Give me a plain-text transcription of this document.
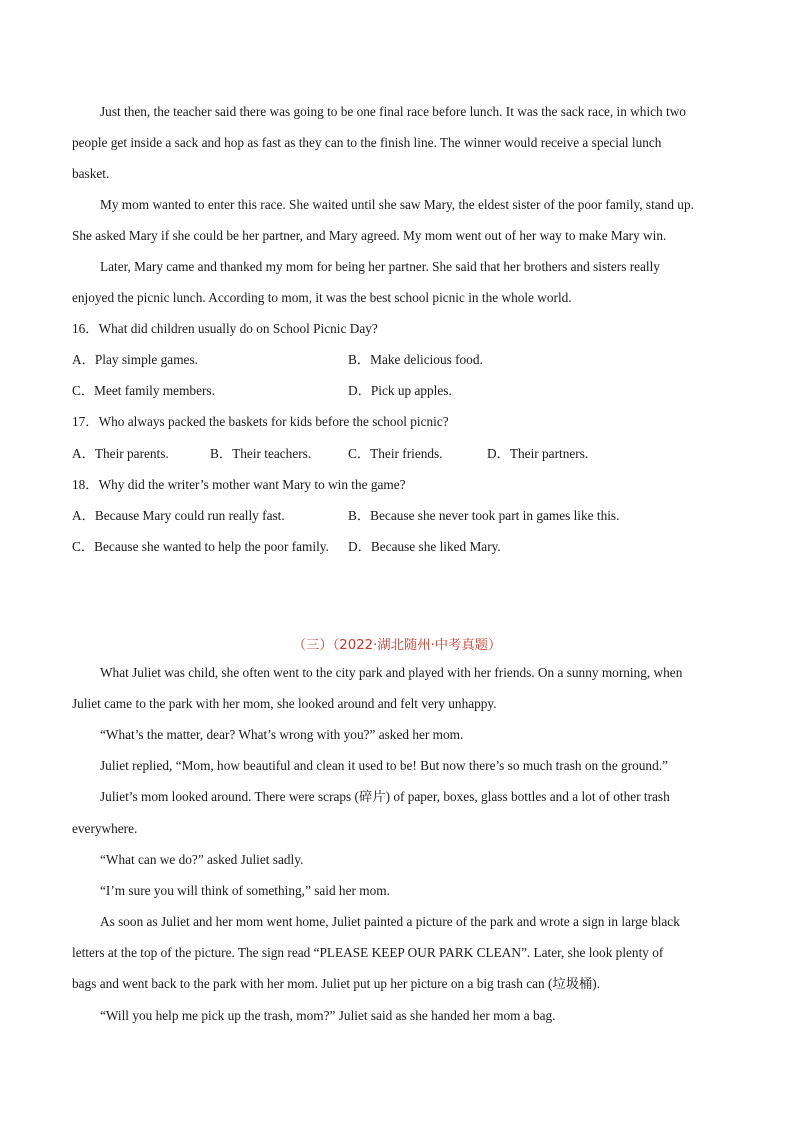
Just then, the teacher said there was going to be one final race before lunch. It was the sack race, in which two
people get inside a sack and hop as fast as they can to the finish line. The winner would receive a special lunch
basket.
My mom wanted to enter this race. She waited until she saw Mary, the eldest sister of the poor family, stand up.
She asked Mary if she could be her partner, and Mary agreed. My mom went out of her way to make Mary win.
Later, Mary came and thanked my mom for being her partner. She said that her brothers and sisters really
enjoyed the picnic lunch. According to mom, it was the best school picnic in the whole world.
16．What did children usually do on School Picnic Day?
A．Play simple games.	B．Make delicious food.
C．Meet family members.	D．Pick up apples.
17．Who always packed the baskets for kids before the school picnic?
A．Their parents.	B．Their teachers.	C．Their friends.	D．Their partners.
18．Why did the writer’s mother want Mary to win the game?
A．Because Mary could run really fast.	B．Because she never took part in games like this.
C．Because she wanted to help the poor family. D．Because she liked Mary.
（三）（2022·湖北随州·中考真题）
What Juliet was child, she often went to the city park and played with her friends. On a sunny morning, when
Juliet came to the park with her mom, she looked around and felt very unhappy.
“What’s the matter, dear? What’s wrong with you?” asked her mom.
Juliet replied, “Mom, how beautiful and clean it used to be! But now there’s so much trash on the ground.”
Juliet’s mom looked around. There were scraps (碎片) of paper, boxes, glass bottles and a lot of other trash
everywhere.
“What can we do?” asked Juliet sadly.
“I’m sure you will think of something,” said her mom.
As soon as Juliet and her mom went home, Juliet painted a picture of the park and wrote a sign in large black
letters at the top of the picture. The sign read “PLEASE KEEP OUR PARK CLEAN”. Later, she look plenty of
bags and went back to the park with her mom. Juliet put up her picture on a big trash can (垃圾桶).
“Will you help me pick up the trash, mom?” Juliet said as she handed her mom a bag.
